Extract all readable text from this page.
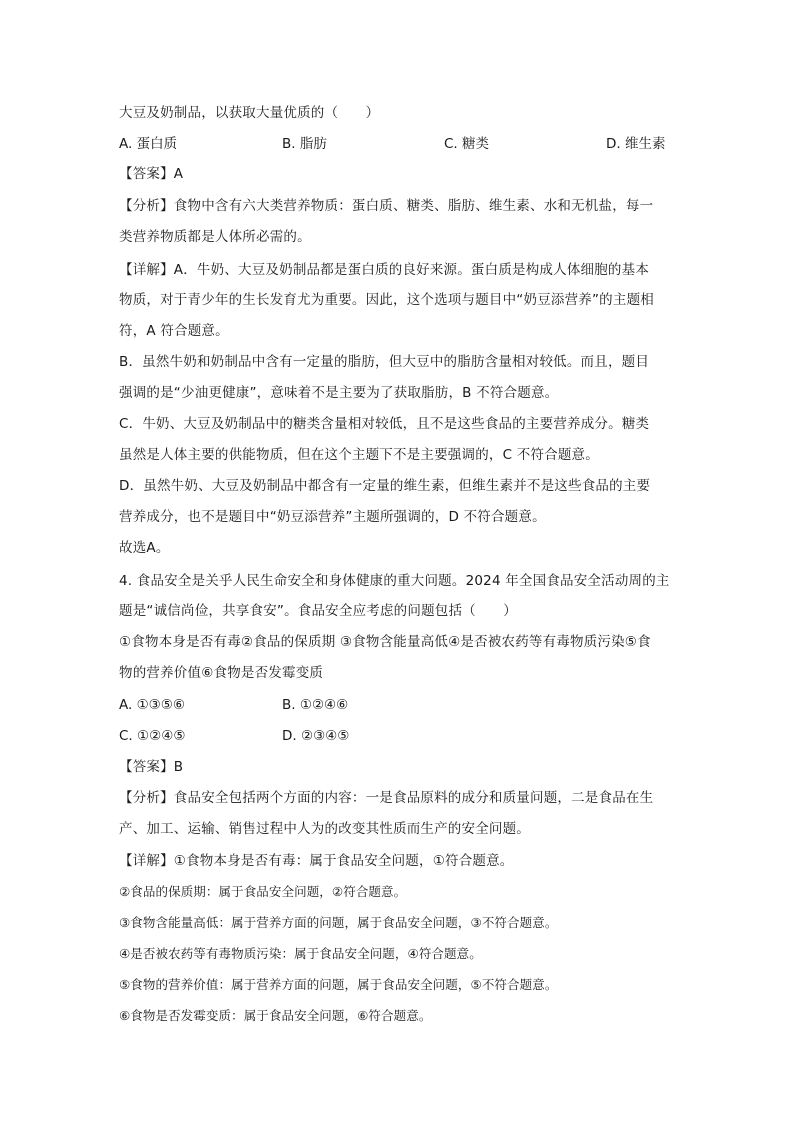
大豆及奶制品，以获取大量优质的（　　）
A. 蛋白质	B. 脂肪	C. 糖类	D. 维生素
【答案】A
【分析】食物中含有六大类营养物质：蛋白质、糖类、脂肪、维生素、水和无机盐，每一
类营养物质都是人体所必需的。
【详解】A．牛奶、大豆及奶制品都是蛋白质的良好来源。蛋白质是构成人体细胞的基本
物质，对于青少年的生长发育尤为重要。因此，这个选项与题目中“奶豆添营养”的主题相
符，A 符合题意。
B．虽然牛奶和奶制品中含有一定量的脂肪，但大豆中的脂肪含量相对较低。而且，题目
强调的是“少油更健康”，意味着不是主要为了获取脂肪，B 不符合题意。
C．牛奶、大豆及奶制品中的糖类含量相对较低，且不是这些食品的主要营养成分。糖类
虽然是人体主要的供能物质，但在这个主题下不是主要强调的，C 不符合题意。
D．虽然牛奶、大豆及奶制品中都含有一定量的维生素，但维生素并不是这些食品的主要
营养成分，也不是题目中“奶豆添营养”主题所强调的，D 不符合题意。
故选A。
4. 食品安全是关乎人民生命安全和身体健康的重大问题。2024 年全国食品安全活动周的主
题是“诚信尚俭，共享食安”。食品安全应考虑的问题包括（　　）
①食物本身是否有毒②食品的保质期 ③食物含能量高低④是否被农药等有毒物质污染⑤食
物的营养价值⑥食物是否发霉变质
A. ①③⑤⑥	B. ①②④⑥
C. ①②④⑤	D. ②③④⑤
【答案】B
【分析】食品安全包括两个方面的内容：一是食品原料的成分和质量问题，二是食品在生
产、加工、运输、销售过程中人为的改变其性质而生产的安全问题。
【详解】①食物本身是否有毒：属于食品安全问题，①符合题意。
②食品的保质期：属于食品安全问题，②符合题意。
③食物含能量高低：属于营养方面的问题，属于食品安全问题，③不符合题意。
④是否被农药等有毒物质污染：属于食品安全问题，④符合题意。
⑤食物的营养价值：属于营养方面的问题，属于食品安全问题，⑤不符合题意。
⑥食物是否发霉变质：属于食品安全问题，⑥符合题意。
